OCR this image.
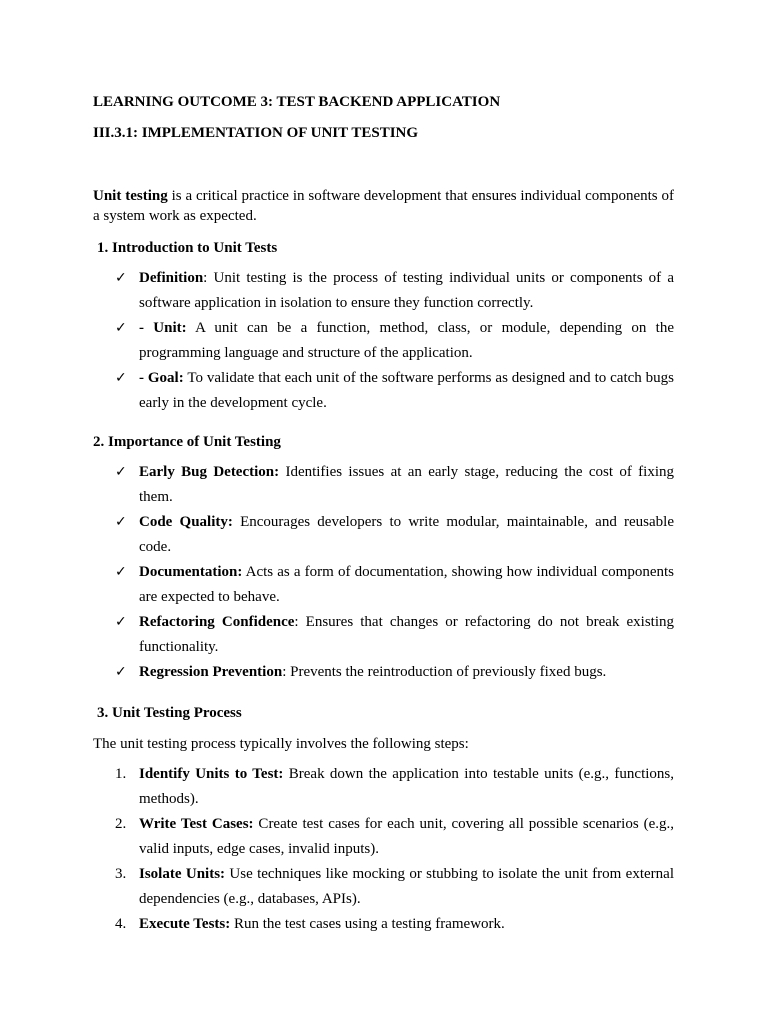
LEARNING OUTCOME 3: TEST BACKEND APPLICATION
III.3.1: IMPLEMENTATION OF UNIT TESTING
Unit testing is a critical practice in software development that ensures individual components of a system work as expected.
1. Introduction to Unit Tests
✓ Definition: Unit testing is the process of testing individual units or components of a software application in isolation to ensure they function correctly.
✓ - Unit: A unit can be a function, method, class, or module, depending on the programming language and structure of the application.
✓ - Goal: To validate that each unit of the software performs as designed and to catch bugs early in the development cycle.
2. Importance of Unit Testing
✓ Early Bug Detection: Identifies issues at an early stage, reducing the cost of fixing them.
✓ Code Quality: Encourages developers to write modular, maintainable, and reusable code.
✓ Documentation: Acts as a form of documentation, showing how individual components are expected to behave.
✓ Refactoring Confidence: Ensures that changes or refactoring do not break existing functionality.
✓ Regression Prevention: Prevents the reintroduction of previously fixed bugs.
3. Unit Testing Process
The unit testing process typically involves the following steps:
1. Identify Units to Test: Break down the application into testable units (e.g., functions, methods).
2. Write Test Cases: Create test cases for each unit, covering all possible scenarios (e.g., valid inputs, edge cases, invalid inputs).
3. Isolate Units: Use techniques like mocking or stubbing to isolate the unit from external dependencies (e.g., databases, APIs).
4. Execute Tests: Run the test cases using a testing framework.
